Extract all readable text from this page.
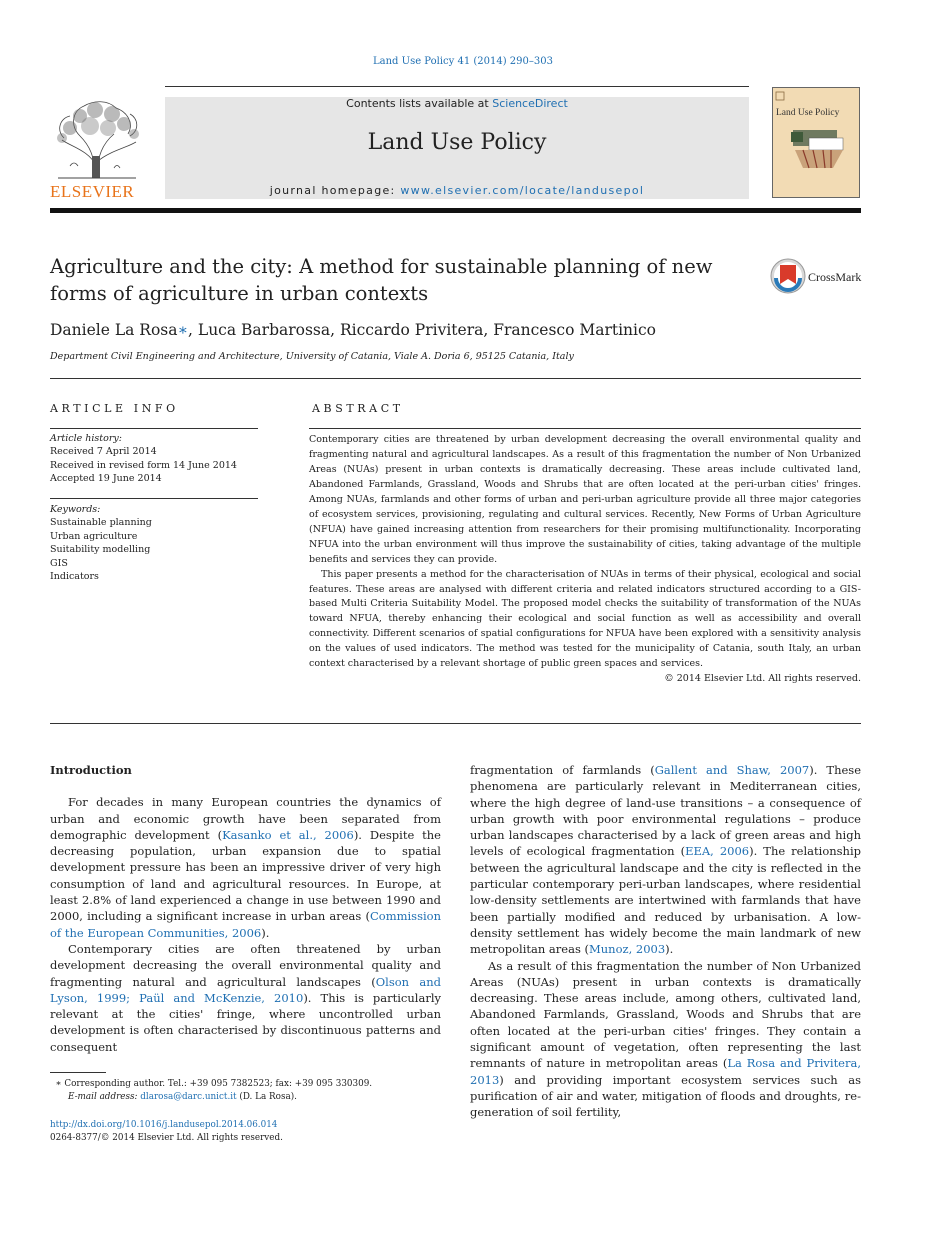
Land Use Policy 41 (2014) 290–303
ELSEVIER
Contents lists available at ScienceDirect
Land Use Policy
journal homepage: www.elsevier.com/locate/landusepol
Land Use Policy
Agriculture and the city: A method for sustainable planning of new forms of agriculture in urban contexts
CrossMark
Daniele La Rosa∗, Luca Barbarossa, Riccardo Privitera, Francesco Martinico
Department Civil Engineering and Architecture, University of Catania, Viale A. Doria 6, 95125 Catania, Italy
ARTICLE INFO
Article history:
Received 7 April 2014
Received in revised form 14 June 2014
Accepted 19 June 2014
Keywords:
Sustainable planning
Urban agriculture
Suitability modelling
GIS
Indicators
ABSTRACT

Contemporary cities are threatened by urban development decreasing the overall environmental quality and fragmenting natural and agricultural landscapes. As a result of this fragmentation the number of Non Urbanized Areas (NUAs) present in urban contexts is dramatically decreasing. These areas include cultivated land, Abandoned Farmlands, Grassland, Woods and Shrubs that are often located at the peri-urban cities' fringes. Among NUAs, farmlands and other forms of urban and peri-urban agriculture provide all three major categories of ecosystem services, provisioning, regulating and cultural services. Recently, New Forms of Urban Agriculture (NFUA) have gained increasing attention from researchers for their promising multifunctionality. Incorporating NFUA into the urban environment will thus improve the sustainability of cities, taking advantage of the multiple benefits and services they can provide.

This paper presents a method for the characterisation of NUAs in terms of their physical, ecological and social features. These areas are analysed with different criteria and related indicators structured according to a GIS-based Multi Criteria Suitability Model. The proposed model checks the suitability of transformation of the NUAs toward NFUA, thereby enhancing their ecological and social function as well as accessibility and overall connectivity. Different scenarios of spatial configurations for NFUA have been explored with a sensitivity analysis on the values of used indicators. The method was tested for the municipality of Catania, south Italy, an urban context characterised by a relevant shortage of public green spaces and services.

© 2014 Elsevier Ltd. All rights reserved.
Introduction

For decades in many European countries the dynamics of urban and economic growth have been separated from demographic development (Kasanko et al., 2006). Despite the decreasing population, urban expansion due to spatial development pressure has been an impressive driver of very high consumption of land and agricultural resources. In Europe, at least 2.8% of land experienced a change in use between 1990 and 2000, including a significant increase in urban areas (Commission of the European Communities, 2006).

Contemporary cities are often threatened by urban development decreasing the overall environmental quality and fragmenting natural and agricultural landscapes (Olson and Lyson, 1999; Paül and McKenzie, 2010). This is particularly relevant at the cities' fringe, where uncontrolled urban development is often characterised by discontinuous patterns and consequent

fragmentation of farmlands (Gallent and Shaw, 2007). These phenomena are particularly relevant in Mediterranean cities, where the high degree of land-use transitions – a consequence of urban growth with poor environmental regulations – produce urban landscapes characterised by a lack of green areas and high levels of ecological fragmentation (EEA, 2006). The relationship between the agricultural landscape and the city is reflected in the particular contemporary peri-urban landscapes, where residential low-density settlements are intertwined with farmlands that have been partially modified and reduced by urbanisation. A low-density settlement has widely become the main landmark of new metropolitan areas (Munoz, 2003).

As a result of this fragmentation the number of Non Urbanized Areas (NUAs) present in urban contexts is dramatically decreasing. These areas include, among others, cultivated land, Abandoned Farmlands, Grassland, Woods and Shrubs that are often located at the peri-urban cities' fringes. They contain a significant amount of vegetation, often representing the last remnants of nature in metropolitan areas (La Rosa and Privitera, 2013) and providing important ecosystem services such as purification of air and water, mitigation of floods and droughts, re-generation of soil fertility,

∗ Corresponding author. Tel.: +39 095 7382523; fax: +39 095 330309.
E-mail address: dlarosa@darc.unict.it (D. La Rosa).
http://dx.doi.org/10.1016/j.landusepol.2014.06.014
0264-8377/© 2014 Elsevier Ltd. All rights reserved.
